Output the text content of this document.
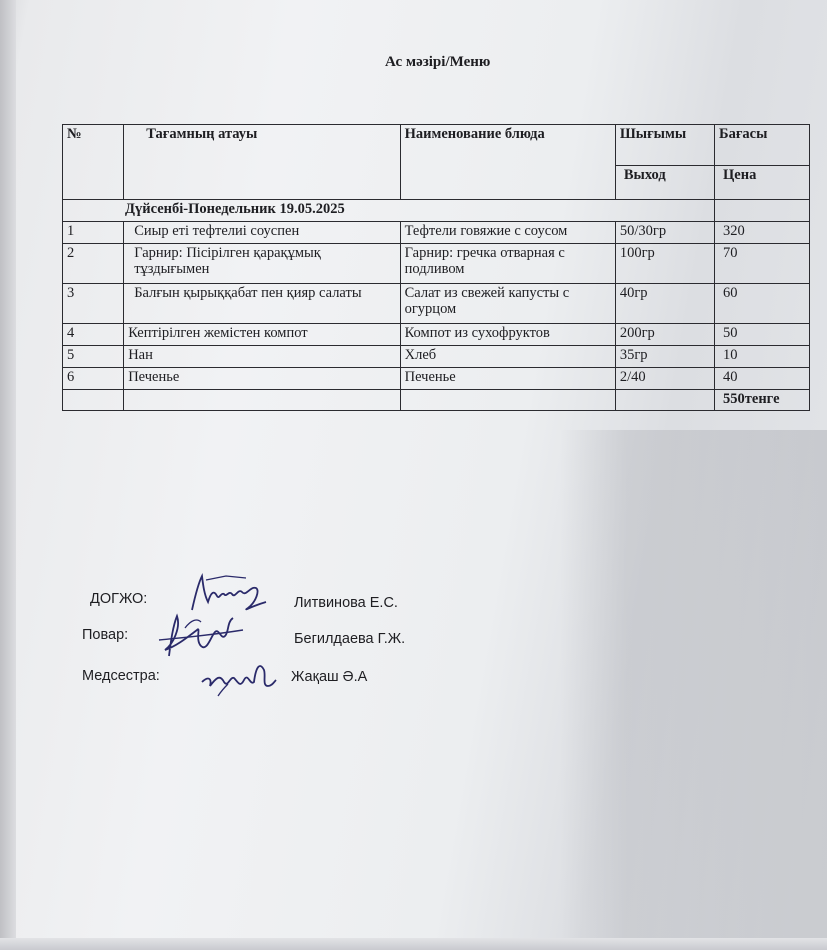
Ас мәзірі/Меню
№	Тағамның атауы	Наименование блюда	Шығымы	Бағасы
			Выход	Цена
Дүйсенбі-Понедельник 19.05.2025				
1	Сиыр еті тефтелиі соуспен	Тефтели говяжие с соусом	50/30гр	320
2	Гарнир: Пісірілген қарақұмық тұздығымен	Гарнир: гречка отварная с подливом	100гр	70
3	Балғын қырыққабат пен қияр салаты	Салат из свежей капусты с огурцом	40гр	60
4	Кептірілген жемістен компот	Компот из сухофруктов	200гр	50
5	Нан	Хлеб	35гр	10
6	Печенье	Печенье	2/40	40
				550тенге
ДОГЖО:	Литвинова Е.С.
Повар:	Бегилдаева Г.Ж.
Медсестра:	Жақаш Ә.А
